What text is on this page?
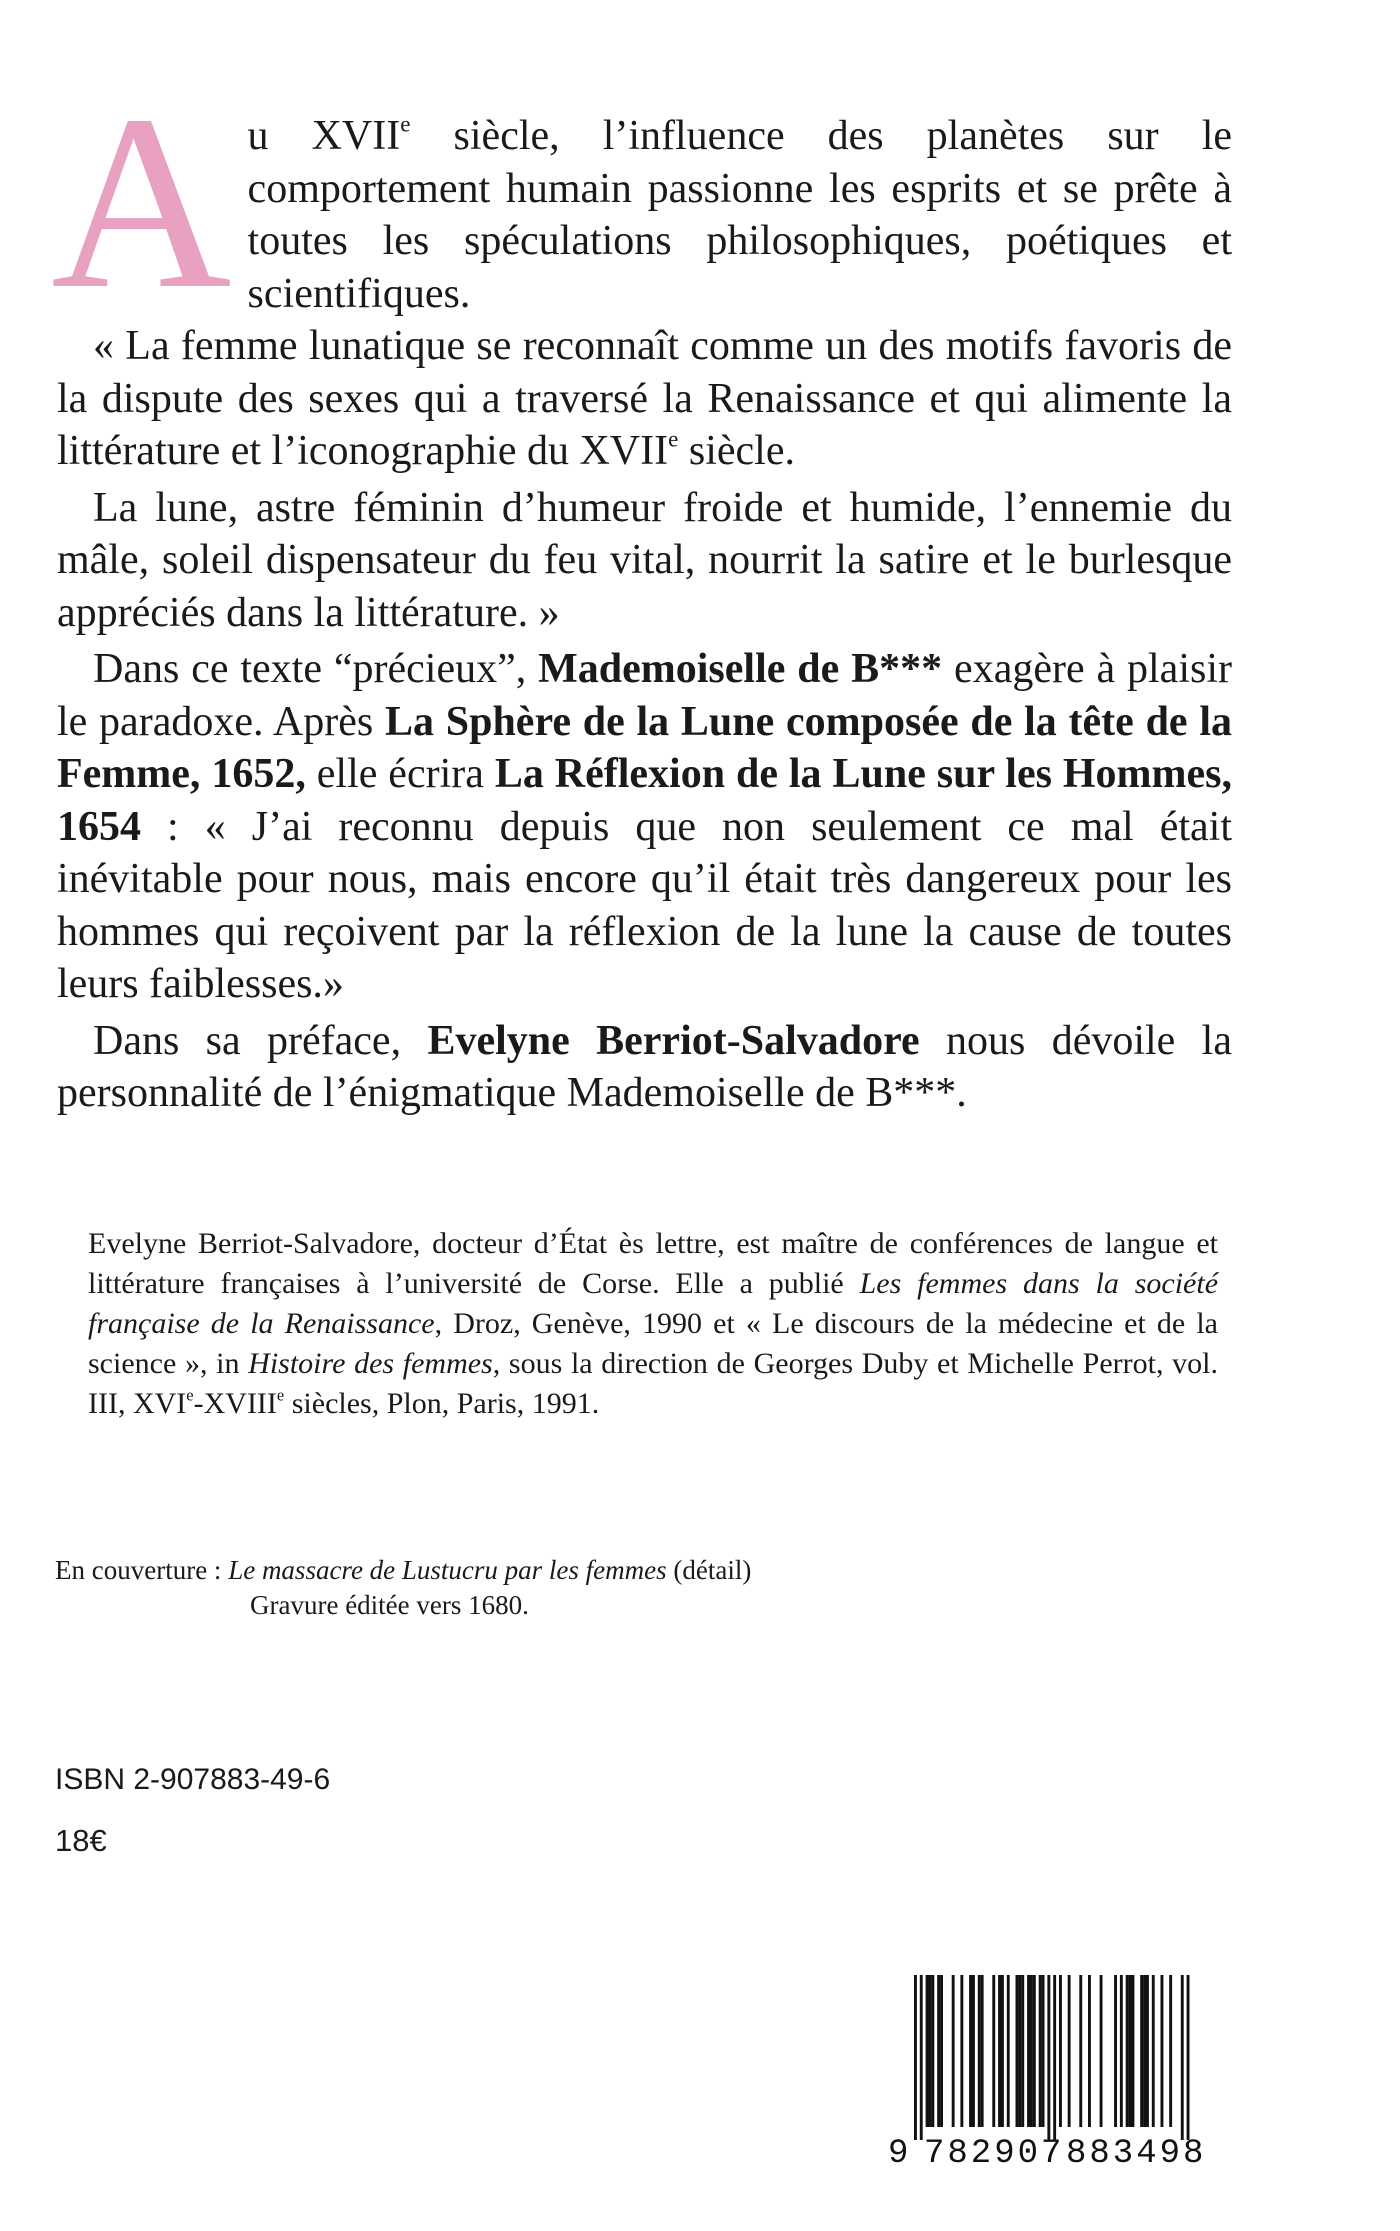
Au XVIIe siècle, l’influence des planètes sur le comportement humain passionne les esprits et se prête à toutes les spéculations philosophiques, poétiques et scientifiques.

« La femme lunatique se reconnaît comme un des motifs favoris de la dispute des sexes qui a traversé la Renaissance et qui alimente la littérature et l’iconographie du XVIIe siècle.

La lune, astre féminin d’humeur froide et humide, l’ennemie du mâle, soleil dispensateur du feu vital, nourrit la satire et le burlesque appréciés dans la littérature. »

Dans ce texte “précieux”, Mademoiselle de B*** exagère à plaisir le paradoxe. Après La Sphère de la Lune composée de la tête de la Femme, 1652, elle écrira La Réflexion de la Lune sur les Hommes, 1654 : « J’ai reconnu depuis que non seulement ce mal était inévitable pour nous, mais encore qu’il était très dangereux pour les hommes qui reçoivent par la réflexion de la lune la cause de toutes leurs faiblesses.»

Dans sa préface, Evelyne Berriot-Salvadore nous dévoile la personnalité de l’énigmatique Mademoiselle de B***.

Evelyne Berriot-Salvadore, docteur d’État ès lettre, est maître de conférences de langue et littérature françaises à l’université de Corse. Elle a publié Les femmes dans la société française de la Renaissance, Droz, Genève, 1990 et « Le discours de la médecine et de la science », in Histoire des femmes, sous la direction de Georges Duby et Michelle Perrot, vol. III, XVIe-XVIIIe siècles, Plon, Paris, 1991.

En couverture : Le massacre de Lustucru par les femmes (détail)
Gravure éditée vers 1680.
ISBN 2-907883-49-6
18€
9 782907 883498
